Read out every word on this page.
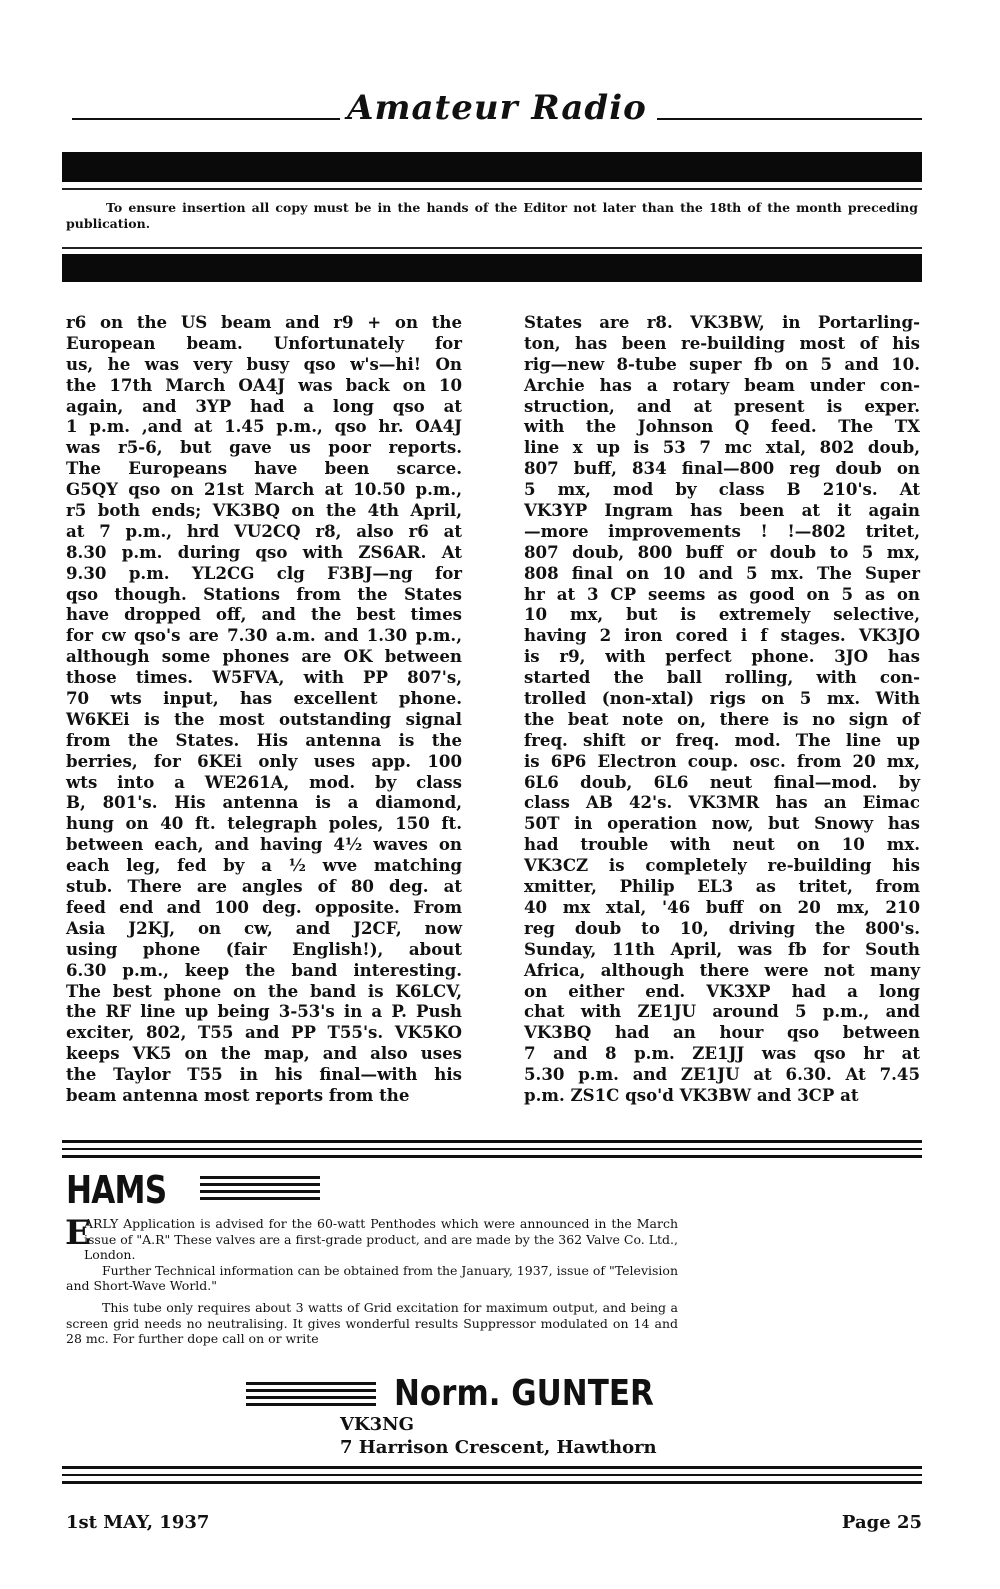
Amateur Radio
To ensure insertion all copy must be in the hands of the Editor not later than the 18th of the month preceding publication.
r6 on the US beam and r9 + on the
European beam. Unfortunately for
us, he was very busy qso w's—hi! On
the 17th March OA4J was back on 10
again, and 3YP had a long qso at
1 p.m. ,and at 1.45 p.m., qso hr. OA4J
was r5-6, but gave us poor reports.
The Europeans have been scarce.
G5QY qso on 21st March at 10.50 p.m.,
r5 both ends; VK3BQ on the 4th April,
at 7 p.m., hrd VU2CQ r8, also r6 at
8.30 p.m. during qso with ZS6AR. At
9.30 p.m. YL2CG clg F3BJ—ng for
qso though. Stations from the States
have dropped off, and the best times
for cw qso's are 7.30 a.m. and 1.30 p.m.,
although some phones are OK between
those times. W5FVA, with PP 807's,
70 wts input, has excellent phone.
W6KEi is the most outstanding signal
from the States. His antenna is the
berries, for 6KEi only uses app. 100
wts into a WE261A, mod. by class
B, 801's. His antenna is a diamond,
hung on 40 ft. telegraph poles, 150 ft.
between each, and having 4½ waves on
each leg, fed by a ½ wve matching
stub. There are angles of 80 deg. at
feed end and 100 deg. opposite. From
Asia J2KJ, on cw, and J2CF, now
using phone (fair English!), about
6.30 p.m., keep the band interesting.
The best phone on the band is K6LCV,
the RF line up being 3-53's in a P. Push
exciter, 802, T55 and PP T55's. VK5KO
keeps VK5 on the map, and also uses
the Taylor T55 in his final—with his
beam antenna most reports from the
States are r8. VK3BW, in Portarling-
ton, has been re-building most of his
rig—new 8-tube super fb on 5 and 10.
Archie has a rotary beam under con-
struction, and at present is exper.
with the Johnson Q feed. The TX
line x up is 53 7 mc xtal, 802 doub,
807 buff, 834 final—800 reg doub on
5 mx, mod by class B 210's. At
VK3YP Ingram has been at it again
—more improvements ! !—802 tritet,
807 doub, 800 buff or doub to 5 mx,
808 final on 10 and 5 mx. The Super
hr at 3 CP seems as good on 5 as on
10 mx, but is extremely selective,
having 2 iron cored i f stages. VK3JO
is r9, with perfect phone. 3JO has
started the ball rolling, with con-
trolled (non-xtal) rigs on 5 mx. With
the beat note on, there is no sign of
freq. shift or freq. mod. The line up
is 6P6 Electron coup. osc. from 20 mx,
6L6 doub, 6L6 neut final—mod. by
class AB 42's. VK3MR has an Eimac
50T in operation now, but Snowy has
had trouble with neut on 10 mx.
VK3CZ is completely re-building his
xmitter, Philip EL3 as tritet, from
40 mx xtal, '46 buff on 20 mx, 210
reg doub to 10, driving the 800's.
Sunday, 11th April, was fb for South
Africa, although there were not many
on either end. VK3XP had a long
chat with ZE1JU around 5 p.m., and
VK3BQ had an hour qso between
7 and 8 p.m. ZE1JJ was qso hr at
5.30 p.m. and ZE1JU at 6.30. At 7.45
p.m. ZS1C qso'd VK3BW and 3CP at
HAMS
E

ARLY Application is advised for the 60-watt Penthodes which were announced in the March issue of "A.R" These valves are a first-grade product, and are made by the 362 Valve Co. Ltd., London.

Further Technical information can be obtained from the January, 1937, issue of "Television and Short-Wave World."

This tube only requires about 3 watts of Grid excitation for maximum output, and being a screen grid needs no neutralising. It gives wonderful results Suppressor modulated on 14 and 28 mc. For further dope call on or write

Norm. GUNTER
VK3NG
7 Harrison Crescent, Hawthorn
1st MAY, 1937	Page 25
